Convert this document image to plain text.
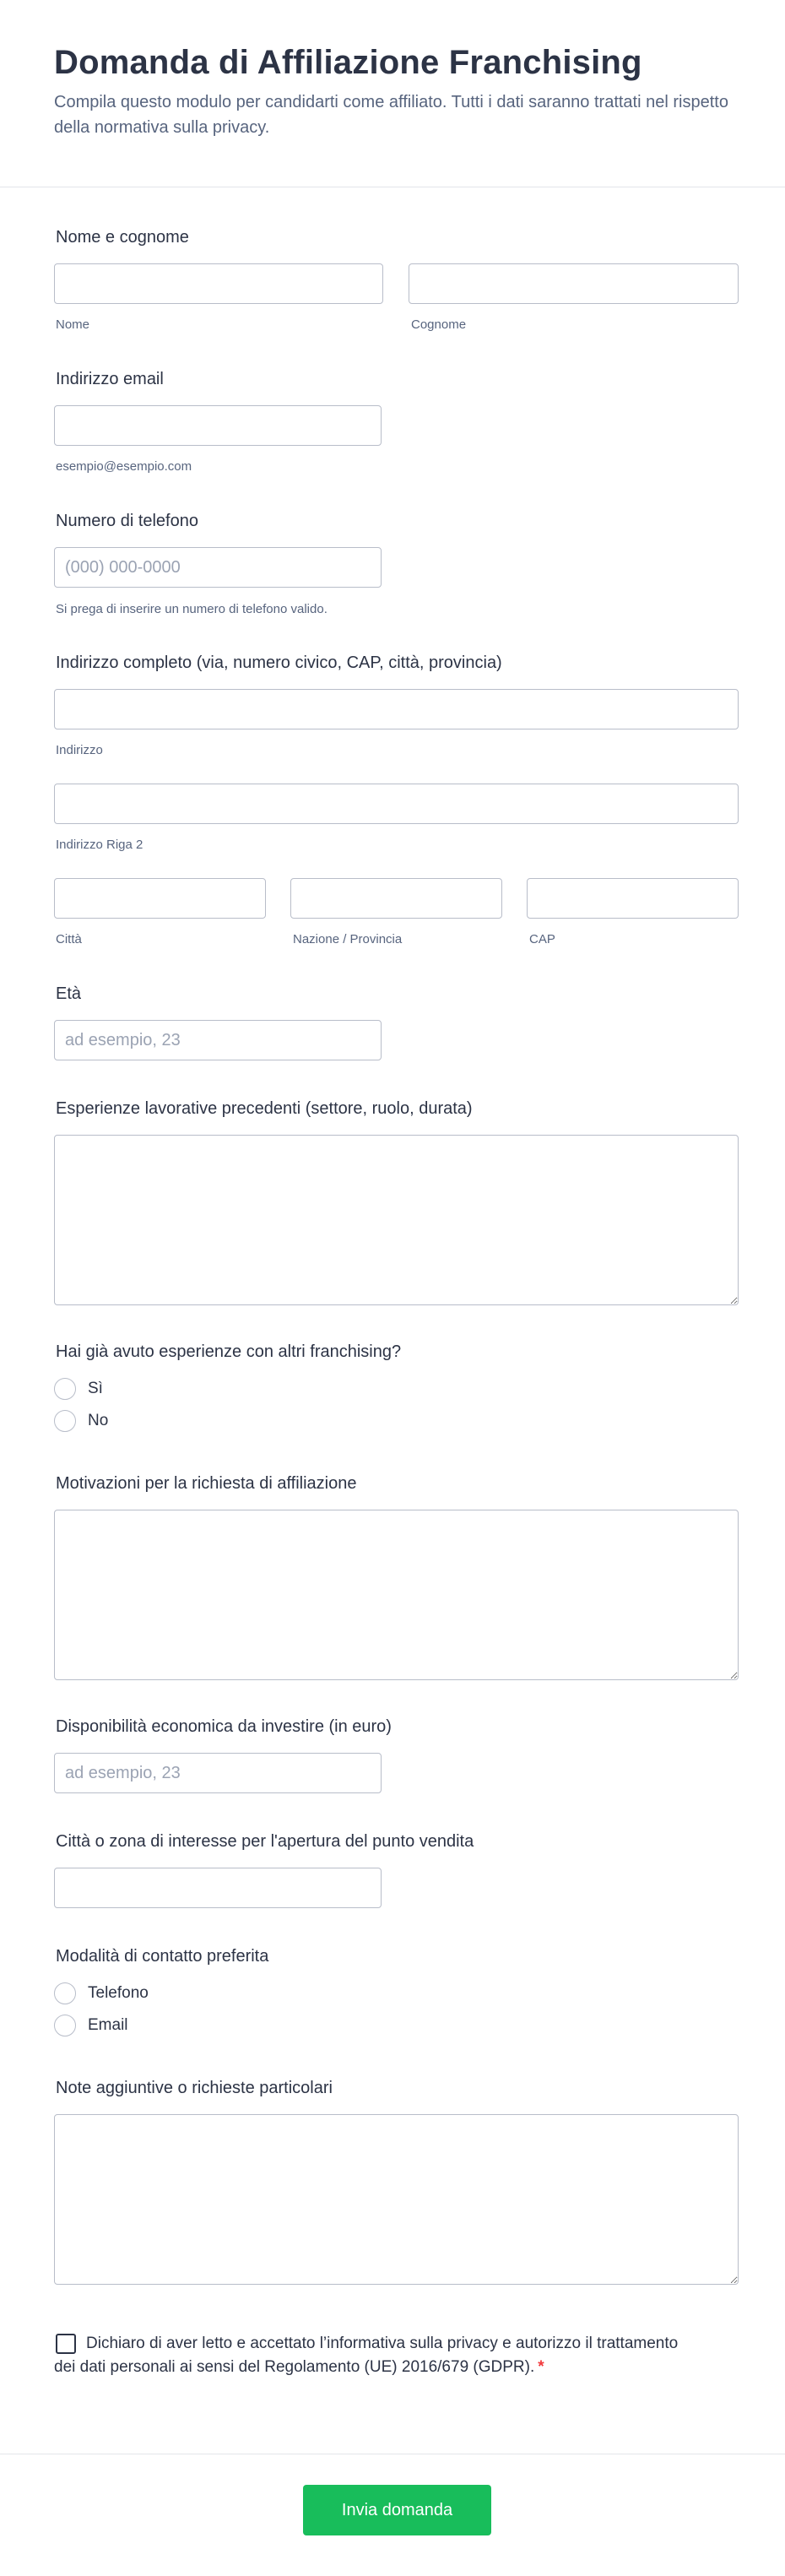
Domanda di Affiliazione Franchising

Compila questo modulo per candidarti come affiliato. Tutti i dati saranno trattati nel rispetto della normativa sulla privacy.

Nome e cognome
Nome	Cognome
Indirizzo email
esempio@esempio.com
Numero di telefono
(000) 000-0000
Si prega di inserire un numero di telefono valido.
Indirizzo completo (via, numero civico, CAP, città, provincia)
Indirizzo
Indirizzo Riga 2
Città	Nazione / Provincia	CAP
Età
ad esempio, 23
Esperienze lavorative precedenti (settore, ruolo, durata)
Hai già avuto esperienze con altri franchising?
Sì
No
Motivazioni per la richiesta di affiliazione
Disponibilità economica da investire (in euro)
ad esempio, 23
Città o zona di interesse per l'apertura del punto vendita
Modalità di contatto preferita
Telefono
Email
Note aggiuntive o richieste particolari

Dichiaro di aver letto e accettato l’informativa sulla privacy e autorizzo il trattamento dei dati personali ai sensi del Regolamento (UE) 2016/679 (GDPR). *

Invia domanda
